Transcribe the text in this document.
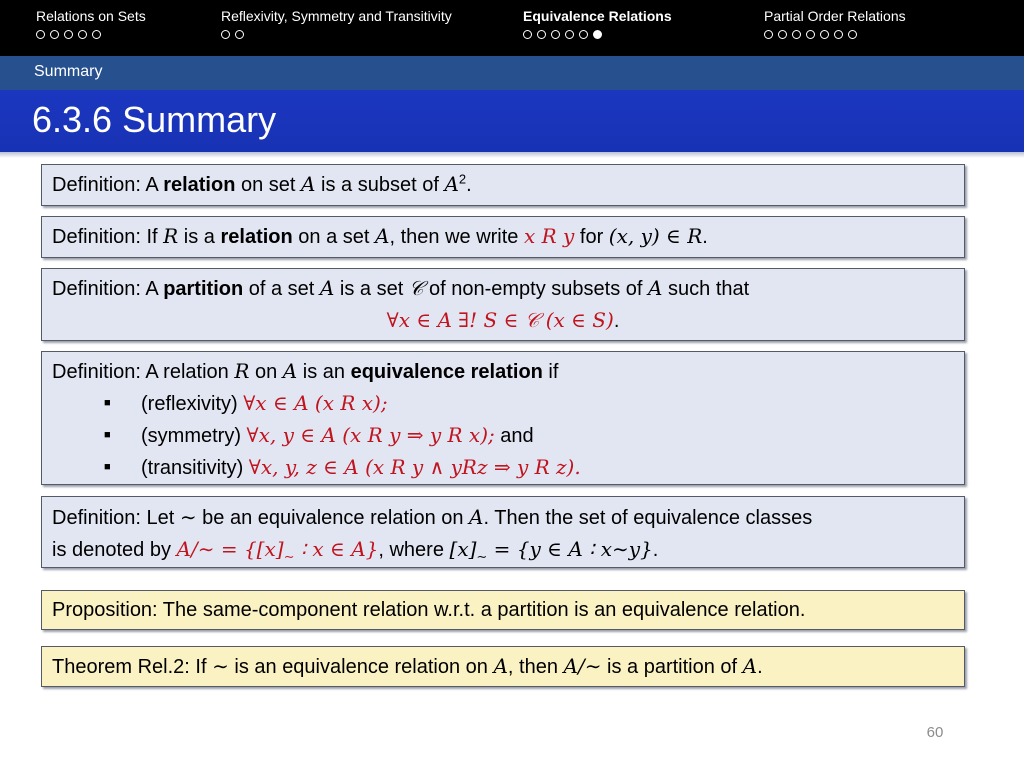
Relations on Sets	Reflexivity, Symmetry and Transitivity	Equivalence Relations	Partial Order Relations
Summary
6.3.6 Summary
Definition: A relation on set A is a subset of $A^2$.
Definition: If R is a relation on a set A, then we write x R y for (x, y) ∈ R.
Definition: A partition of a set A is a set 𝒞 of non-empty subsets of A such that
∀x ∈ A ∃! S ∈ 𝒞 (x ∈ S).
Definition: A relation R on A is an equivalence relation if
■ (reflexivity) ∀x ∈ A (x R x);
■ (symmetry) ∀x, y ∈ A (x R y ⇒ y R x); and
■ (transitivity) ∀x, y, z ∈ A (x R y ∧ yRz ⇒ y R z).
Definition: Let ∼ be an equivalence relation on A. Then the set of equivalence classes
is denoted by A/∼ = {$[x]_\sim$ ∶ x ∈ A}, where $[x]_\sim = \{y$ ∈ A ∶ x∼y}.
Proposition: The same-component relation w.r.t. a partition is an equivalence relation.
Theorem Rel.2: If ∼ is an equivalence relation on A, then A/∼ is a partition of A.
60
